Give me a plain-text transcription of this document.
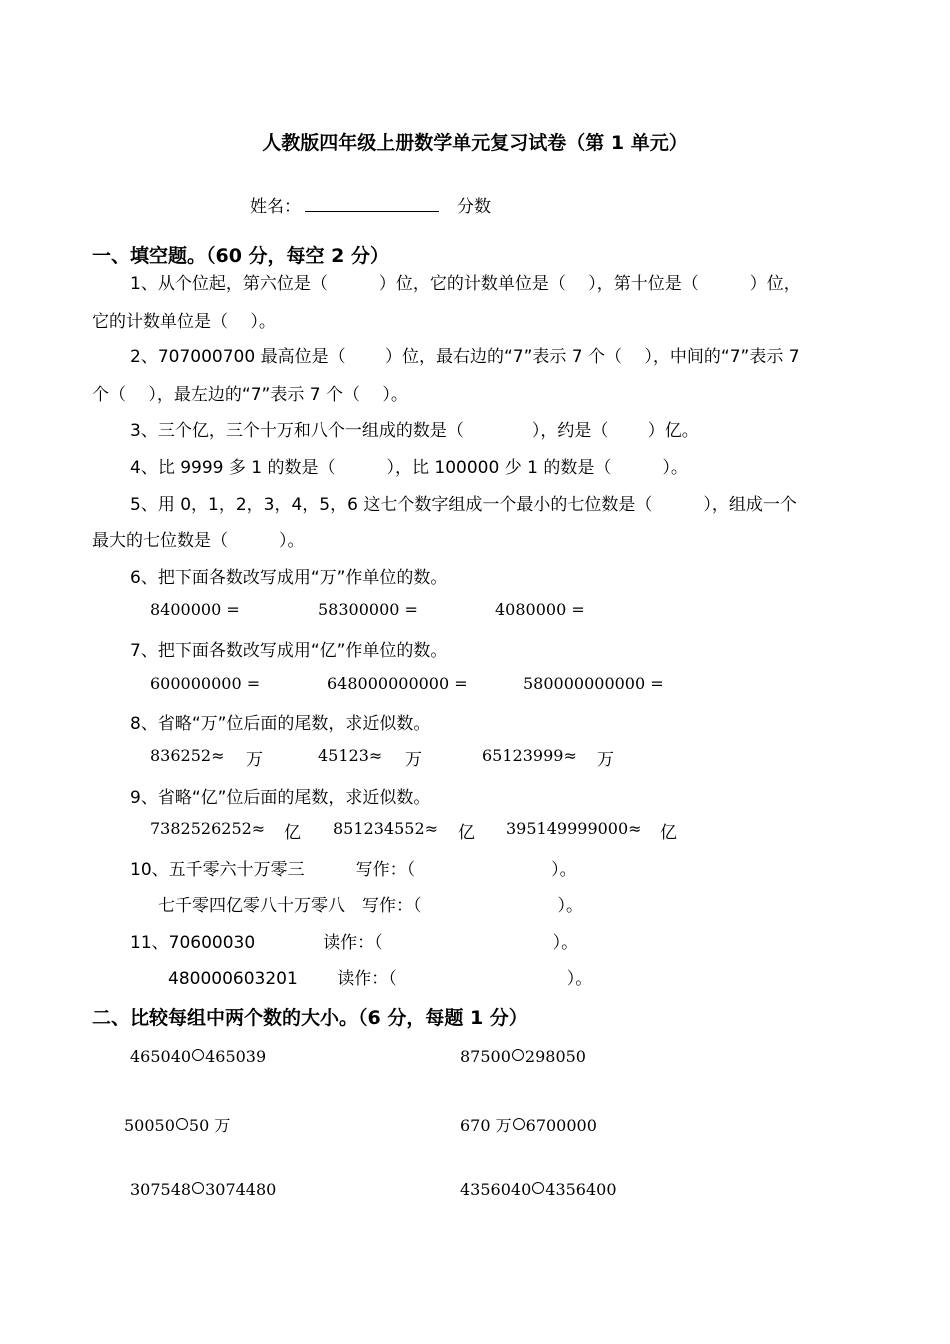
人教版四年级上册数学单元复习试卷（第 1 单元）
姓名：	分数
一、填空题。（60 分，每空 2 分）
1、从个位起，第六位是（　　　）位，它的计数单位是（　 ），第十位是（　　　）位，
它的计数单位是（　 ）。
2、707000700 最高位是（　　 ）位，最右边的“7”表示 7 个（　 ），中间的“7”表示 7
个（　 ），最左边的“7”表示 7 个（　 ）。
3、三个亿，三个十万和八个一组成的数是（　　　　），约是（　　 ）亿。
4、比 9999 多 1 的数是（　　　），比 100000 少 1 的数是（　　　）。
5、用 0，1，2，3，4，5，6 这七个数字组成一个最小的七位数是（　　　），组成一个
最大的七位数是（　　　）。
6、把下面各数改写成用“万”作单位的数。
8400000 =	58300000 =	4080000 =
7、把下面各数改写成用“亿”作单位的数。
600000000 =	648000000000 =	580000000000 =
8、省略“万”位后面的尾数，求近似数。
836252≈ 万	45123≈ 万	65123999≈ 万
9、省略“亿”位后面的尾数，求近似数。
7382526252≈ 亿 851234552≈ 亿 395149999000≈ 亿
10、五千零六十万零三　　　写作：（　　　　　　　　）。
七千零四亿零八十万零八　写作：（　　　　　　　　）。
11、70600030　　　　读作：（　　　　　　　　　　）。
480000603201　　 读作：（　　　　　　　　　　）。
二、比较每组中两个数的大小。（6 分，每题 1 分）
465040 465039	87500 298050
50050 50 万	670 万 6700000
307548 3074480	4356040 4356400
